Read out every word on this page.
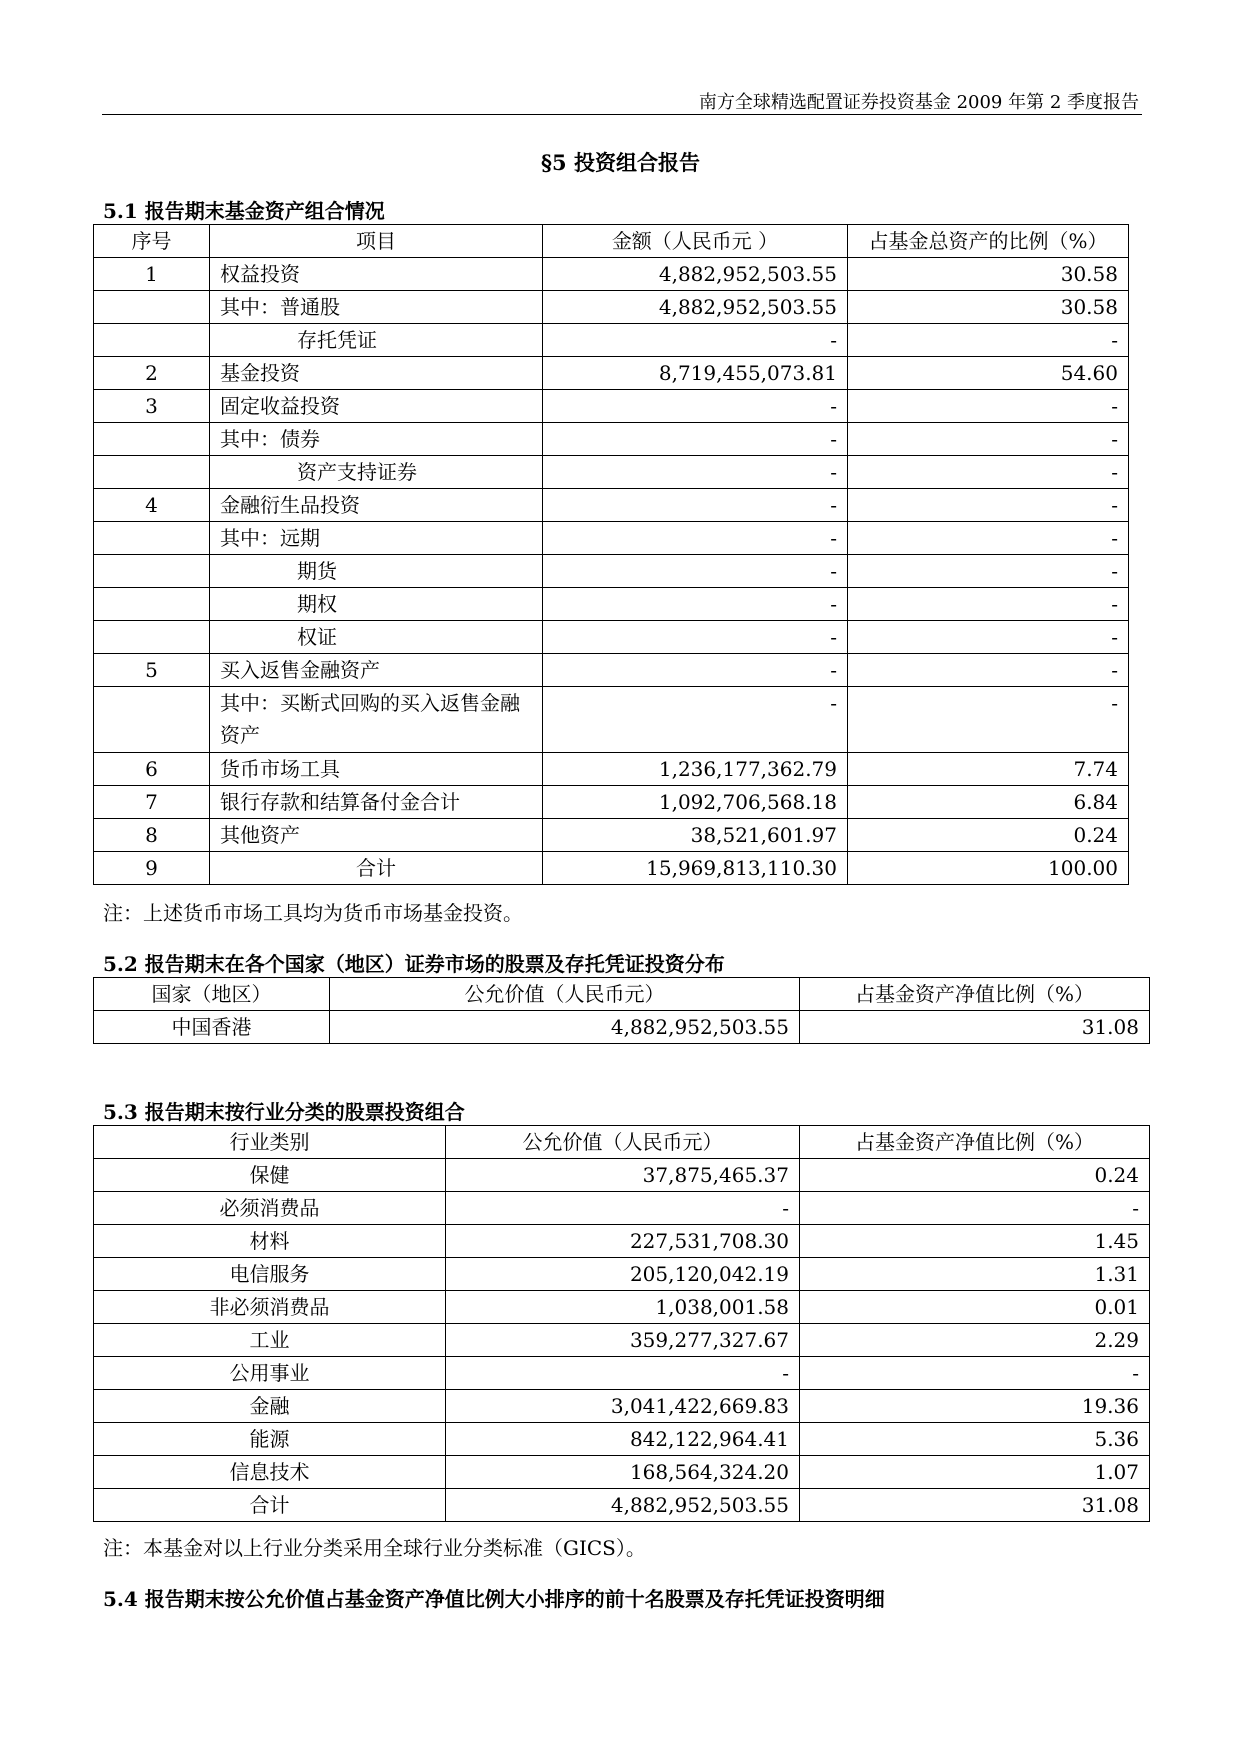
南方全球精选配置证券投资基金 2009 年第 2 季度报告
§5 投资组合报告
5.1 报告期末基金资产组合情况
序号	项目	金额（人民币元 ）	占基金总资产的比例（%）
1	权益投资	4,882,952,503.55	30.58
	其中：普通股	4,882,952,503.55	30.58
	存托凭证	-	-
2	基金投资	8,719,455,073.81	54.60
3	固定收益投资	-	-
	其中：债券	-	-
	资产支持证券	-	-
4	金融衍生品投资	-	-
	其中：远期	-	-
	期货	-	-
	期权	-	-
	权证	-	-
5	买入返售金融资产	-	-
	其中：买断式回购的买入返售金融资产	-	-
6	货币市场工具	1,236,177,362.79	7.74
7	银行存款和结算备付金合计	1,092,706,568.18	6.84
8	其他资产	38,521,601.97	0.24
9	合计	15,969,813,110.30	100.00
注：上述货币市场工具均为货币市场基金投资。
5.2 报告期末在各个国家（地区）证券市场的股票及存托凭证投资分布
国家（地区）	公允价值（人民币元）	占基金资产净值比例（%）
中国香港	4,882,952,503.55	31.08
5.3 报告期末按行业分类的股票投资组合
行业类别	公允价值（人民币元）	占基金资产净值比例（%）
保健	37,875,465.37	0.24
必须消费品	-	-
材料	227,531,708.30	1.45
电信服务	205,120,042.19	1.31
非必须消费品	1,038,001.58	0.01
工业	359,277,327.67	2.29
公用事业	-	-
金融	3,041,422,669.83	19.36
能源	842,122,964.41	5.36
信息技术	168,564,324.20	1.07
合计	4,882,952,503.55	31.08
注：本基金对以上行业分类采用全球行业分类标准（GICS）。
5.4 报告期末按公允价值占基金资产净值比例大小排序的前十名股票及存托凭证投资明细
